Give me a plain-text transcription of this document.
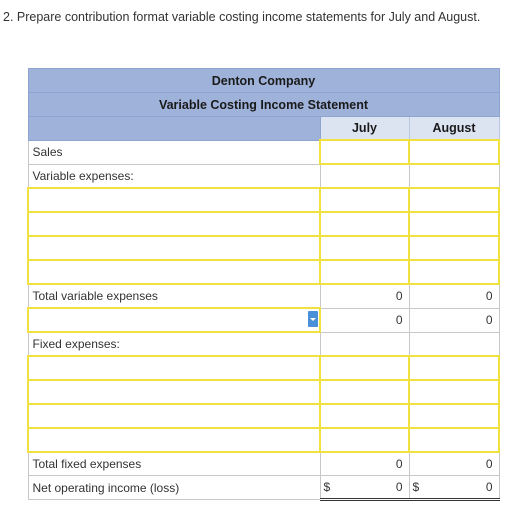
2. Prepare contribution format variable costing income statements for July and August.
Denton Company		
Variable Costing Income Statement		
	July	August
Sales		
Variable expenses:		

Total variable expenses	0	0

	0	0
Fixed expenses:		

Total fixed expenses	0	0
Net operating income (loss)	$ 0	$ 0
